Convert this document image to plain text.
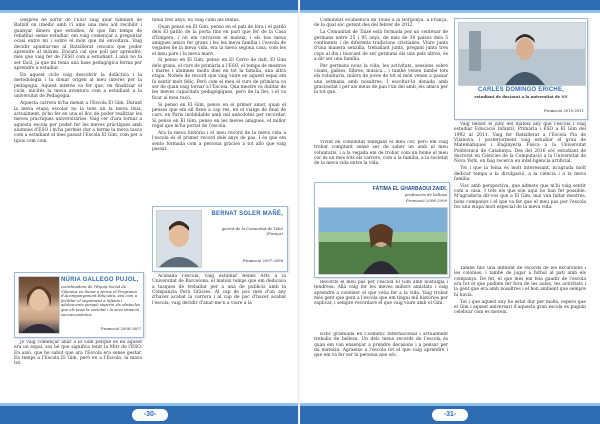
Després de sortir de l'ESO vaig anar también de Batxill on (médic amb l'i amo una més a/d recibilir i guanyar dinero que estudies. Al que fim temps de rebatllar sense estudiar, em vaig començar a preguntar ocasi entre mi i sobre el món que mi envoltava. Vaig decidir apuntar-me al Batxillerat (encara que poder aprendre al màxim. Encara cal que poll per aprendre, més que vaig fer de l'ESO com a estudiant. I això no ta ser fàcil, ja que mi tenia una base pedagògica ferma per aprendre a estudiar.

En aquest cicle vaig descobrir la didàctica i la metodologia i tu donar origen al meu interès per la pedagogia. Aquest interès va fer que, en finalitzar el cicle, inicités la meva aventura com a estudiant a la universitat de Pedagogia.

Aquesta carrera m'ha menat a l'Escola El Gim. Durant la meva etapa escolar no la tens un la meva línia, actualment, m'ho fer en una el lloc de poder realitzar les meves pràctiques universitàries. Vaig cer d'ara tornar a aquesta escola per poder fer les meves pràctiques amb alumnes d'ESO i m'ha permès dur a terme la meva tasca com a estudiant el mes passat l'Escola El Gim, com per a tipus com com.

NÚRIA GALLEGO PUJOL,
coordinadora de l'Equip Social de Vilanova en donar a terme el Programa d'Acompanyament Educatiu, així com a facilitar el seguiment a infants i adolescents perquè superin els obstacles que els posa la societat i la seva situació socioeconòmica.
Promoció 2006-2007

Jo vaig començar anar a El Gim perquè és en aquest era un espai, sos bé que significa tenir la Mitr de l'ESO. En això, que he sabut que ara l'Escola era sense gestar. En temps a l'Escola El Gim, però en a l'Escola, la mava tot.

tenia tres anys, no vaig camí als tennis.

Quan penso en El Gim, penso en el pati de fora i el patiló dels El patiló de la porta fins en part que fer de la Casa d'Empera, i on em cercaven el mateix, i els tiss meus amigues amics fer grans i les les meva família i l'escola de vegades de la meva vida, era la meva segona casa, com les el meu pare i la meva mare.

Si penso en El Gim, penso en El Cerro de dalt, El Gim dels grans, el curs de primària a l'ESO, el temps de mestres i mares i alumnes molts dies en tot la família, una altra etapa. Només de record que vaig viure en aquest espai em fa sentir molt feliç. Però com el meu el curs de primària va ser de quan vaig tornar a l'Escola. Qua mestre va dubtar de les meves capacitats pedagògiques, però de la llei, i el va ficar al meu racó.

Si penso en El Gim, penso en el primer amor, quan el penses que em ell fixen a cap res, en el viatge de final de curs, en Paris inoblidable amb mil anècdotes per recordar. Si penso en El Gim, penso en les meves amigues, el millor regal que m'ha portat de l'escola.

Ara la meva història i el meu record de la meva vida a l'escola és el primer record dels anys de pas. I és que em sento formada com a persona gràcies a tot allò que vaig passar.

BERNAT SOLER MAÑÉ,
gerent de la Comunitat de Tolet (França)
Promoció 2007-2008

Acabada l'escola, vaig estudiar Belles Arts a la Universitat de Barcelona, el mateix temps que em dedicava a tasques de treballar per a una de publicis amb la Companyia Perú Gràcies. Al cap de poc més d'un any d'haver acabat la carrera i al cap de poc d'haver acabat l'escola, vaig decidir d'anar-me'n a viure a la

-30-

Comunitat ecumènica de Toulé a la Borgonya, a França, de la qual sóc gerent des del febrer de 2012.

La Comunitat de Taizé està formada per un centenar de germans entre 25 i 95 anys, de més de 30 països dels 5 continents i de diferents tradicions cristianes. Viure junts d'una manera senzilla, treballant junts, pregant junts tres cops al dia i buscant de ser germans els uns pels altres, és a dir ser una família.

Per germans nous la vida, les activitats, sessions sobre ciuats, gabies, llibres, música... i també venen també tots els voluntaris, milers de joves de tot el món venen a passar una setmana amb nosaltres. I escoltar-la donada amb graciositat i per als meus de pau l'un del amb, els amics per la tot que.

Vivint en comunitat tellegant el meu cor, però em vaig trobar comptant sense ser de saber un amb el meu voluntaris, i a la vegada em de trobar com un home el meu cor és un mes tots els carrers, com a la família, a la societat de la meva vida entre la vida.

FÀTIMA EL GHARBAOUI ZAIDI,
professora de bellesa
Promoció 2008-2009

Recordo el meu pas per l'escola El Gim amb nostàlgia i tendresa. Allà vaig fer les meves millors amistats i vaig aprendre a conèixer el que volia fer a la vida. Vaig trobar més gent que gent a l'escola que em tingui mil històries per explicar, i sempre recordaré el que vaig viure amb el Gim.

Estic graduada en Cosmètic Internacional i actualment treballo de bellesa. Un dels meus records de l'escola és quan em van ensenyar a prendre decisions i a pensar per mi mateixa. Agraeixo a l'escola tot el que vaig aprendre i que em va fer ser la persona que sóc.

CARLES DOMINGO ERICHE,
estudiant de doctorat a la universitat de NY
Promoció 2010-2011

Vaig néixer el juny del mateix any que l'escola i vaig estudiar Educació Infantil, Primària i ESO a El Gim del 1992 al 2011. Vaig fer Batxillerat a l'Escola Pia de Vilanova, i posteriorment vaig estudiar el grau de Matemàtiques i Enginyeria Física a la Universitat Politècnica de Catalunya. Des del 2016 sóc estudiant de doctorat en Ciències de la Computació a la Universitat de Nova York, on faig recerca en intel·ligència artificial.

Tot i que la feina és molt interessant, m'agrada molt dedicar temps a la divulgació, a la ciència i a la meva família.

Visc amb perspectiva, que admeto que m'hi vaig sentir com a casa. I tots els que són aquí ho han fet possible. M'agradaria dir-vos que a El Gim, mai van faltar mestres, bons companys i el que va fer que el meu pas per l'escola fos una etapa molt especial de la meva vida.

També tinc una infinitat de records de les excursions i les colònies, i també de jugar a futbol al pati amb els companys. De fet, el que més em feia gaudir de l'escola era tot el que podíem fer fora de les aules, les activitats i la gent que era amb nosaltres i el bon ambient que sempre hi havia.

Tot i que aquest any he estat dur per molts, espero que el Gim i aquest aniversari d'aquesta gran escola es puguin celebrar com es mereix.

-31-
